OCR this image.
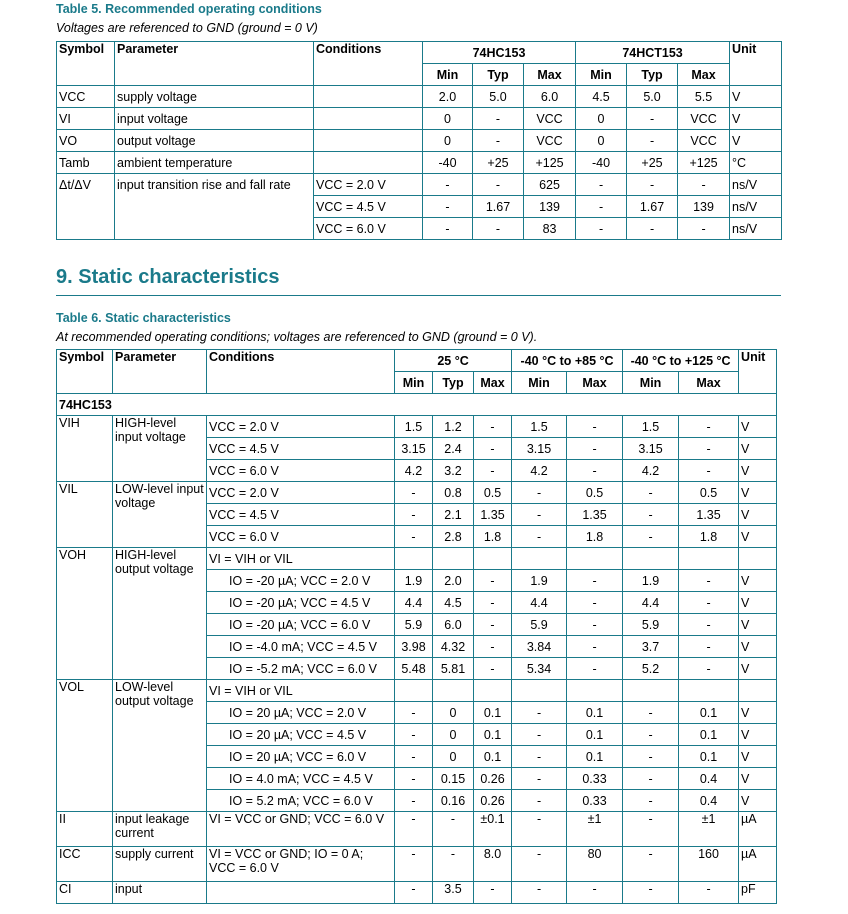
Table 5. Recommended operating conditions
Voltages are referenced to GND (ground = 0 V)
Symbol	Parameter	Conditions	74HC153			74HCT153			Unit
			Min	Typ	Max	Min	Typ	Max	
VCC	supply voltage		2.0	5.0	6.0	4.5	5.0	5.5	V
VI	input voltage		0	-	VCC	0	-	VCC	V
VO	output voltage		0	-	VCC	0	-	VCC	V
Tamb	ambient temperature		-40	+25	+125	-40	+25	+125	°C
Δt/ΔV	input transition rise and fall rate	VCC = 2.0 V	-	-	625	-	-	-	ns/V
		VCC = 4.5 V	-	1.67	139	-	1.67	139	ns/V
		VCC = 6.0 V	-	-	83	-	-	-	ns/V
9. Static characteristics
Table 6. Static characteristics
At recommended operating conditions; voltages are referenced to GND (ground = 0 V).
Symbol	Parameter	Conditions	25 °C			-40 °C to +85 °C		-40 °C to +125 °C		Unit
			Min	Typ	Max	Min	Max	Min	Max	
74HC153										
VIH	HIGH-level input voltage	VCC = 2.0 V	1.5	1.2	-	1.5	-	1.5	-	V
		VCC = 4.5 V	3.15	2.4	-	3.15	-	3.15	-	V
		VCC = 6.0 V	4.2	3.2	-	4.2	-	4.2	-	V
VIL	LOW-level input voltage	VCC = 2.0 V	-	0.8	0.5	-	0.5	-	0.5	V
		VCC = 4.5 V	-	2.1	1.35	-	1.35	-	1.35	V
		VCC = 6.0 V	-	2.8	1.8	-	1.8	-	1.8	V
VOH	HIGH-level output voltage	VI = VIH or VIL								
		IO = -20 µA; VCC = 2.0 V	1.9	2.0	-	1.9	-	1.9	-	V
		IO = -20 µA; VCC = 4.5 V	4.4	4.5	-	4.4	-	4.4	-	V
		IO = -20 µA; VCC = 6.0 V	5.9	6.0	-	5.9	-	5.9	-	V
		IO = -4.0 mA; VCC = 4.5 V	3.98	4.32	-	3.84	-	3.7	-	V
		IO = -5.2 mA; VCC = 6.0 V	5.48	5.81	-	5.34	-	5.2	-	V
VOL	LOW-level output voltage	VI = VIH or VIL								
		IO = 20 µA; VCC = 2.0 V	-	0	0.1	-	0.1	-	0.1	V
		IO = 20 µA; VCC = 4.5 V	-	0	0.1	-	0.1	-	0.1	V
		IO = 20 µA; VCC = 6.0 V	-	0	0.1	-	0.1	-	0.1	V
		IO = 4.0 mA; VCC = 4.5 V	-	0.15	0.26	-	0.33	-	0.4	V
		IO = 5.2 mA; VCC = 6.0 V	-	0.16	0.26	-	0.33	-	0.4	V
II	input leakage current	VI = VCC or GND; VCC = 6.0 V	-	-	±0.1	-	±1	-	±1	µA
ICC	supply current	VI = VCC or GND; IO = 0 A; VCC = 6.0 V	-	-	8.0	-	80	-	160	µA
CI	input		-	3.5	-	-	-	-	-	pF
